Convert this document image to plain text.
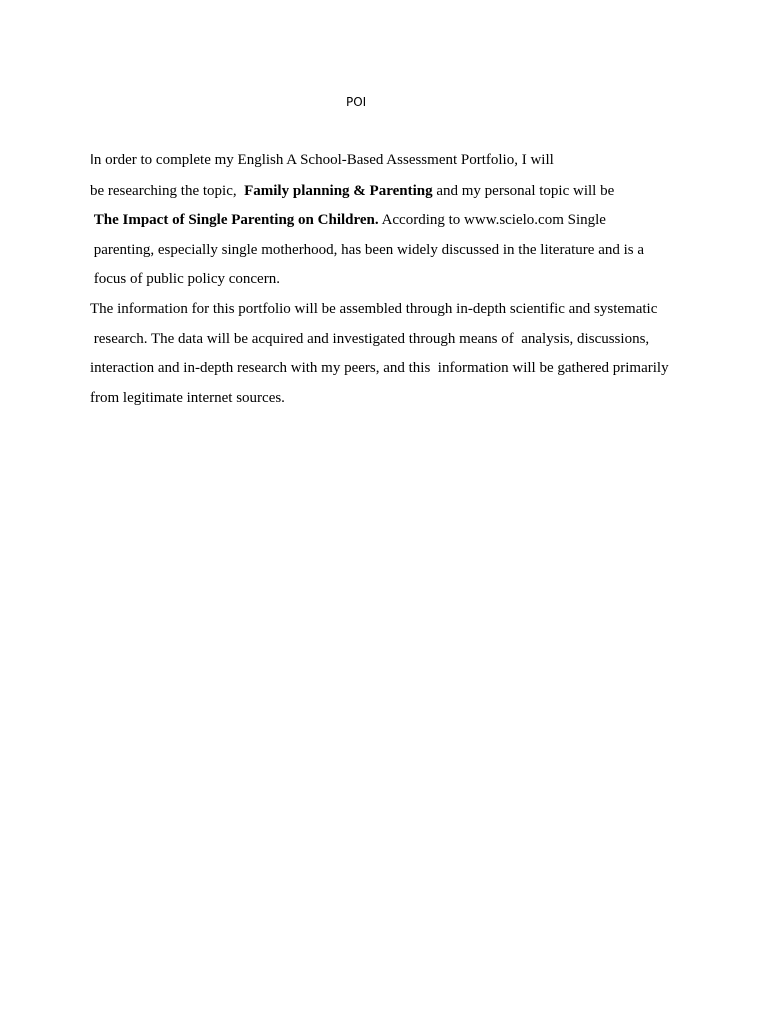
POI
In order to complete my English A School-Based Assessment Portfolio, I will
be researching the topic,  Family planning & Parenting and my personal topic will be
The Impact of Single Parenting on Children. According to www.scielo.com Single
parenting, especially single motherhood, has been widely discussed in the literature and is a
focus of public policy concern.
The information for this portfolio will be assembled through in-depth scientific and systematic
research. The data will be acquired and investigated through means of  analysis, discussions,
interaction and in-depth research with my peers, and this  information will be gathered primarily
from legitimate internet sources.
